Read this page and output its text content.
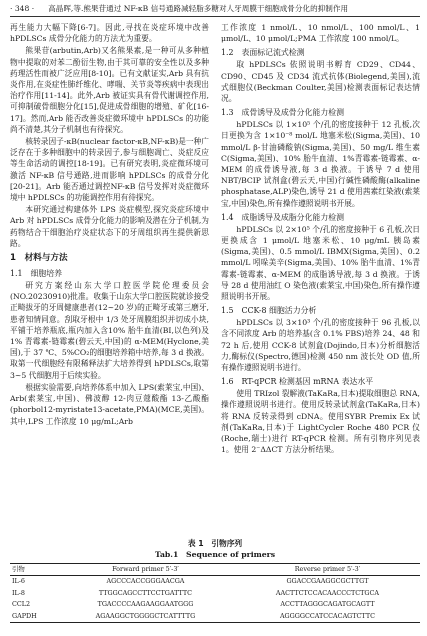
· 348 · 高晶晖,等.熊果苷通过 NF-κB 信号通路减轻脂多糖对人牙周膜干细胞成骨分化的抑制作用

再生能力大幅下降[6-7]。因此,寻找在炎症环境中改善 hPDLSCs 成骨分化能力的方法尤为重要。

熊果苷(arbutin,Arb)又名熊果素,是一种可从多种植物中提取的对苯二酚衍生物,由于其可靠的安全性以及多种药理活性而被广泛应用[8-10]。已有文献证实,Arb 具有抗炎作用,在炎症性肺纤维化、哮喘、关节炎等疾病中表现出治疗作用[11-14]。此外,Arb 被证实具有骨代谢调控作用,可抑制破骨细胞分化[15],促进成骨细胞的增殖、矿化[16-17]。然而,Arb 能否改善炎症微环境中 hPDLSCs 的功能尚不清楚,其分子机制也有待探究。

核转录因子-κB(nuclear factor-κB,NF-κB)是一种广泛存在于多种细胞中的转录因子,参与细胞凋亡、炎症反应等生命活动的调控[18-19]。已有研究表明,炎症微环境可激活 NF-κB 信号通路,进而影响 hPDLSCs 的成骨分化[20-21]。Arb 能否通过调控NF-κB 信号发挥对炎症微环境中 hPDLSCs 的功能调控作用有待探究。

本研究通过构建体外 LPS 炎症模型,探究炎症环境中 Arb 对 hPDLSCs 成骨分化能力的影响及潜在分子机制,为药物结合干细胞治疗炎症状态下的牙周组织再生提供新思路。

1　材料与方法
1.1　细胞培养

研究方案经山东大学口腔医学院伦理委员会(NO.20230910)批准。收集于山东大学口腔医院就诊接受正畸拔牙的牙周健康患者(12~20 岁)的正畸牙或第三磨牙,患者知情同意。刮取牙根中 1/3 处牙周膜组织并切成小块,平铺于培养瓶底,瓶内加入含10% 胎牛血清(BI,以色列)及 1% 青霉素-链霉素(碧云天,中国)的 α-MEM(Hyclone,美国),于 37 ℃、5%CO₂的细胞培养箱中培养,每 3 d 换液。取第一代细胞经有限稀释法扩大培养得到 hPDLSCs,取第 3~5 代细胞用于后续实验。

根据实验需要,向培养体系中加入 LPS(索莱宝,中国)、Arb(索莱宝,中国)、佛波醇 12-肉豆蔻酸酯 13-乙酸酯(phorbol12-myristate13-acetate,PMA)(MCE,美国)。其中,LPS 工作浓度 10 μg/mL;Arb

工作浓度 1 nmol/L、10 nmol/L、100 nmol/L、1 μmol/L、10 μmol/L;PMA 工作浓度 100 nmol/L。

1.2　表面标记流式检测

取 hPDLSCs 依照说明书孵育 CD29、CD44、CD90、CD45 及 CD34 流式抗体(Biolegend,美国),流式细胞仪(Beckman Coulter,美国)检测表面标记表达情况。

1.3　成骨诱导及成骨分化能力检测

hPDLSCs 以 1×10⁵ 个/孔的密度接种于 12 孔板,次日更换为含 1×10⁻⁸ mol/L 地塞米松(Sigma,美国)、10 mmol/L β-甘油磷酸钠(Sigma,美国)、50 mg/L 维生素 C(Sigma,美国)、10% 胎牛血清、1%青霉素-链霉素、α-MEM 的成骨诱导液,每 3 d 换液。于诱导 7 d 使用 NBT/BCIP 试剂盒(碧云天,中国)行碱性磷酸酶(alkaline phosphatase,ALP)染色,诱导 21 d 使用茜素红染液(索莱宝,中国)染色,所有操作遵照说明书开展。

1.4　成脂诱导及成脂分化能力检测

hPDLSCs 以 2×10⁵ 个/孔的密度接种于 6 孔板,次日更换成含 1 μmol/L 地塞米松、10 μg/mL 胰岛素(Sigma,美国)、0.5 mmol/L IBMX(Sigma,美国)、0.2 mmol/L 吲哚美辛(Sigma,美国)、10% 胎牛血清、1%青霉素-链霉素、α-MEM 的成脂诱导液,每 3 d 换液。于诱导 28 d 使用油红 O 染色液(索莱宝,中国)染色,所有操作遵照说明书开展。

1.5　CCK-8 细胞活力分析

hPDLSCs 以 3×10³ 个/孔的密度接种于 96 孔板,以含不同浓度 Arb 的培养基(含 0.1% FBS)培养 24、48 和 72 h 后,使用 CCK-8 试剂盒(Dojindo,日本)分析细胞活力,酶标仪(Spectro,德国)检测 450 nm 波长处 OD 值,所有操作遵照说明书进行。

1.6　RT-qPCR 检测基因 mRNA 表达水平

使用 TRIzol 裂解液(TaKaRa,日本)提取细胞总 RNA,操作遵照说明书进行。使用反转录试剂盒(TaKaRa,日本)将 RNA 反转录得到 cDNA。使用SYBR Premix Ex 试剂(TaKaRa,日本)于 LightCycler Roche 480 PCR 仪(Roche,瑞士)进行 RT-qPCR 检测。所有引物序列见表 1。使用 2⁻ΔΔCT 方法分析结果。

表 1　引物序列
Tab.1　Sequence of primers
引物	Forward primer 5′-3′	Reverse primer 5′-3′
IL-6	AGCCCACCGGGAACGA	GGACCGAAGGCGCTTGT
IL-8	TTGGCAGCCTTCCTGATTTC	AACTTCTCCACAACCCTCTGCA
CCL2	TGACCCCAAGAAGGAATGGG	ACCTTAGGGCAGATGCAGTT
GAPDH	AGAAGGCTGGGGCTCATTTTG	AGGGGCCATCCACAGTCTTC
